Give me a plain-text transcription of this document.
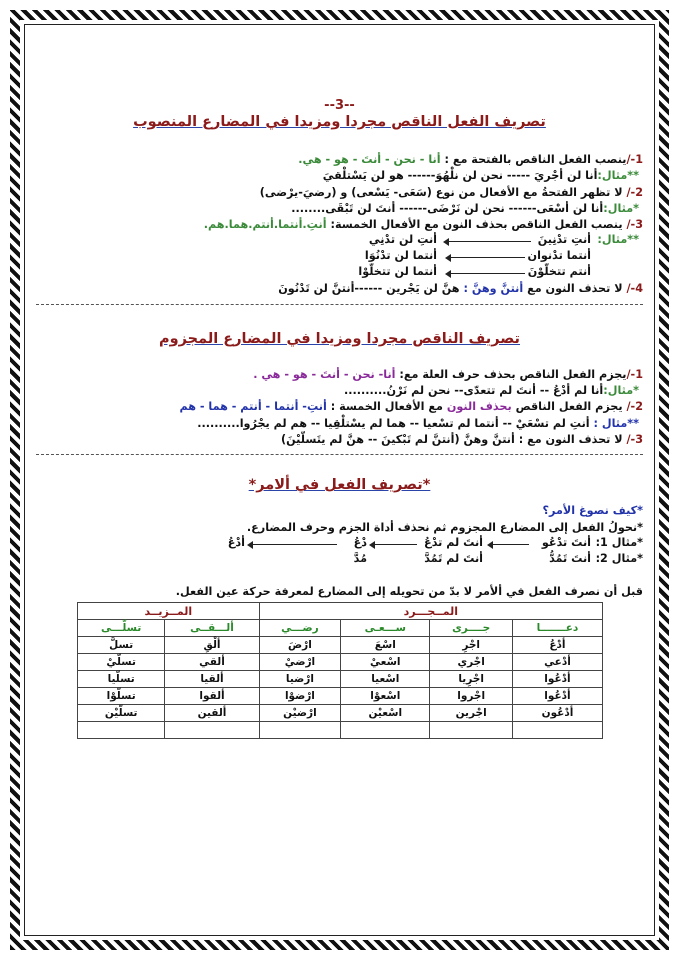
--3--
تصريف الفعل الناقص مجردا ومزيدا في المضارع المنصوب
1-/ينصب الفعل الناقص بالفتحة مع : أنا - نحن - أنتَ - هو - هي.
**مثال:أنا لن أجْريَ ----- نحن لن نلْهُوَ------ هو لن يَسْتلْقيَ
2-/ لا تظهر الفتحةُ مع الأفعال من نوع (سَعَى- يَسْعى) و (رضيَ-يرْضى)
*مثال:أنا لن أسْعَى------ نحن لن نَرْضَى------ أنتَ لن تَبْقَى........
3-/ ينصب الفعل الناقص بحذف النون مع الأفعال الخمسة: أنتِ.أنتما.أنتم.هما.هم.
**مثال:
أنتِ تدْنِينَ
أنتِ لن تدْنِي
أنتما تدْنوان
أنتما لن تدْنُوَا
أنتم تتخلّوْنَ
أنتما لن تتخلّوْا
4-/ لا تحذف النون مع أنتنَّ وهنَّ : هنَّ لن يَجْرين ------أنتنَّ لن تَدْنُونَ
تصريف الناقص مجردا ومزيدا في المضارع المجزوم
1-/يجزم الفعل الناقص بحذف حرف العلة مع: أنا- نحن - أنتَ - هو - هي .
*مثال:أنا لم أدْعُ -- أنتَ لم تتعدّى-- نحن لم نَرْنُ..........
2-/ يجزم الفعل الناقص بحذف النون مع الأفعال الخمسة : أنتِ- أنتما - أنتم - هما - هم
**مثال : أنتِ لم تسْعَيْ -- أنتما لم تسْعيا -- هما لم يسْتلْقِيا -- هم لم يجْرُوا..........
3-/ لا تحذف النون مع : أنتنَّ وهنَّ (أنتنَّ لم تَبْكينَ -- هنَّ لم يتَسلّيْنَ)
*تصريف الفعل في ألامر*
*كيف نصوغ الأمر؟
*نحولُ الفعل إلى المضارع المجزوم ثم نحذف أداة الجزم وحرف المضارع.
*مثال 1:
أنتَ تدْعُو
أنتَ لم تدْعُ
دْعُ
أدْعُ
*مثال 2:
أنتَ تَمُدُّ
أنتَ لم تَمُدَّ
مُدَّ
قبل أن نصرف الفعل في ألأمر لا بدّ من تحويله إلى المضارع لمعرفة حركة عين الفعل.
المــجـــرد				المــزيــد	
دعـــــــا	جــــرى	ســـعـى	رضـــي	ألـــقــى	تسلّـــى
أدْعُ	اجْرِ	اسْعَ	ارْضَ	ألْقِ	تسلَّ
أدْعي	اجْري	اسْعيْ	ارْضيْ	ألقي	تسلّيْ
أدْعُوا	اجْرِيا	اسْعيا	ارْضيا	ألقيا	تسلّيا
أدْعُوا	اجْروا	اسْعوْا	ارْضوْا	ألقوا	تسلّوْا
أدْعُون	اجْرين	اسْعيْن	ارْضيْن	ألقين	تسلّيْن
